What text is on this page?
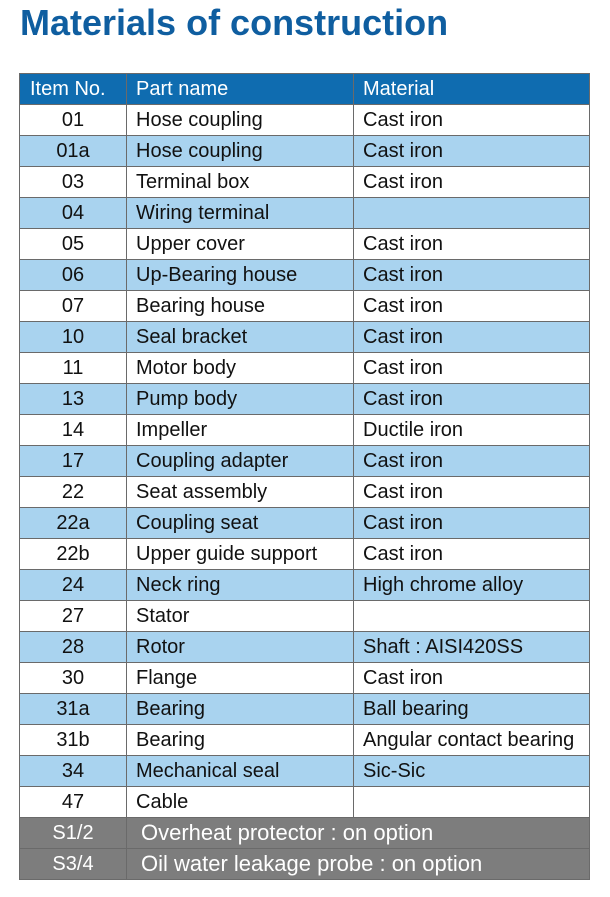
Materials of construction
Item No.	Part name	Material
01	Hose coupling	Cast iron
01a	Hose coupling	Cast iron
03	Terminal box	Cast iron
04	Wiring terminal	
05	Upper cover	Cast iron
06	Up-Bearing house	Cast iron
07	Bearing house	Cast iron
10	Seal bracket	Cast iron
11	Motor body	Cast iron
13	Pump body	Cast iron
14	Impeller	Ductile iron
17	Coupling adapter	Cast iron
22	Seat assembly	Cast iron
22a	Coupling seat	Cast iron
22b	Upper guide support	Cast iron
24	Neck ring	High chrome alloy
27	Stator	
28	Rotor	Shaft : AISI420SS
30	Flange	Cast iron
31a	Bearing	Ball bearing
31b	Bearing	Angular contact bearing
34	Mechanical seal	Sic-Sic
47	Cable	
S1/2	Overheat protector : on option	
S3/4	Oil water leakage probe : on option	
